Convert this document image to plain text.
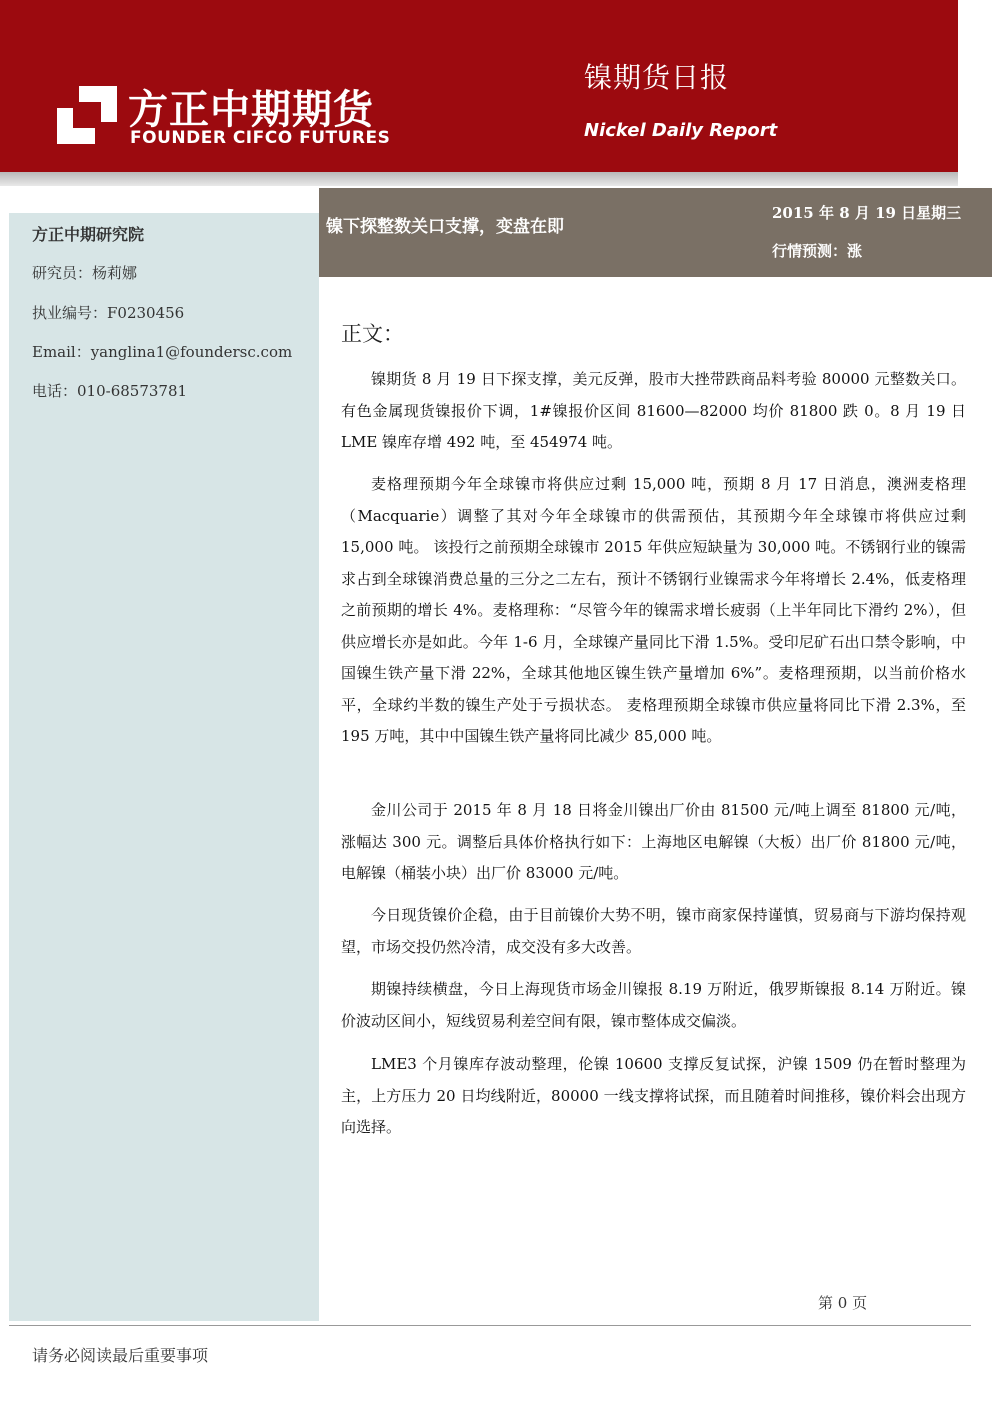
方正中期期货
FOUNDER CIFCO FUTURES
镍期货日报
Nickel Daily Report
方正中期研究院
研究员：杨莉娜
执业编号：F0230456
Email：yanglina1@foundersc.com
电话：010-68573781
镍下探整数关口支撑，变盘在即
2015 年 8 月 19 日星期三
行情预测：涨
正文：

镍期货 8 月 19 日下探支撑，美元反弹，股市大挫带跌商品料考验 80000 元整数关口。有色金属现货镍报价下调，1#镍报价区间 81600—82000 均价 81800 跌 0。8 月 19 日 LME 镍库存增 492 吨，至 454974 吨。

麦格理预期今年全球镍市将供应过剩 15,000 吨，预期 8 月 17 日消息，澳洲麦格理（Macquarie）调整了其对今年全球镍市的供需预估，其预期今年全球镍市将供应过剩 15,000 吨。 该投行之前预期全球镍市 2015 年供应短缺量为 30,000 吨。不锈钢行业的镍需求占到全球镍消费总量的三分之二左右，预计不锈钢行业镍需求今年将增长 2.4%，低麦格理之前预期的增长 4%。麦格理称：“尽管今年的镍需求增长疲弱（上半年同比下滑约 2%），但供应增长亦是如此。今年 1-6 月，全球镍产量同比下滑 1.5%。受印尼矿石出口禁令影响，中国镍生铁产量下滑 22%，全球其他地区镍生铁产量增加 6%”。麦格理预期，以当前价格水平，全球约半数的镍生产处于亏损状态。 麦格理预期全球镍市供应量将同比下滑 2.3%，至 195 万吨，其中中国镍生铁产量将同比减少 85,000 吨。

金川公司于 2015 年 8 月 18 日将金川镍出厂价由 81500 元/吨上调至 81800 元/吨，涨幅达 300 元。调整后具体价格执行如下：上海地区电解镍（大板）出厂价 81800 元/吨，电解镍（桶装小块）出厂价 83000 元/吨。

今日现货镍价企稳，由于目前镍价大势不明，镍市商家保持谨慎，贸易商与下游均保持观望，市场交投仍然冷清，成交没有多大改善。

期镍持续横盘，今日上海现货市场金川镍报 8.19 万附近，俄罗斯镍报 8.14 万附近。镍价波动区间小，短线贸易利差空间有限，镍市整体成交偏淡。

LME3 个月镍库存波动整理，伦镍 10600 支撑反复试探，沪镍 1509 仍在暂时整理为主，上方压力 20 日均线附近，80000 一线支撑将试探，而且随着时间推移，镍价料会出现方向选择。

第 0 页
请务必阅读最后重要事项
